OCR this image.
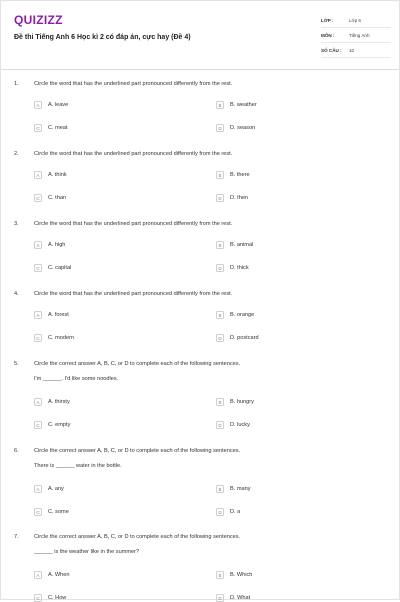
QUIZIZZ
Đề thi Tiếng Anh 6 Học kì 2 có đáp án, cực hay (Đề 4)
LỚP :	Lớp 6
MÔN :	Tiếng Anh
SỐ CÂU :	10
1.	Circle the word that has the underlined part pronounced differently from the rest.
A	A. leave	B	B. weather
C	C. meat	D	D. season
2.	Circle the word that has the underlined part pronounced differently from the rest.
A	A. think	B	B. there
C	C. than	D	D. then
3.	Circle the word that has the underlined part pronounced differently from the rest.
A	A. high	B	B. animal
C	C. capital	D	D. thick
4.	Circle the word that has the underlined part pronounced differently from the rest.
A	A. forest	B	B. orange
C	C. modern	D	D. postcard
5.	Circle the correct answer A, B, C, or D to complete each of the following sentences.
I'm ______. I'd like some noodles.
A	A. thirsty	B	B. hungry
C	C. empty	D	D. lucky
6.	Circle the correct answer A, B, C, or D to complete each of the following sentences.
There is ______ water in the bottle.
A	A. any	B	B. many
C	C. some	D	D. a
7.	Circle the correct answer A, B, C, or D to complete each of the following sentences.
______ is the weather like in the summer?
A	A. When	B	B. Which
C	C. How	D	D. What
